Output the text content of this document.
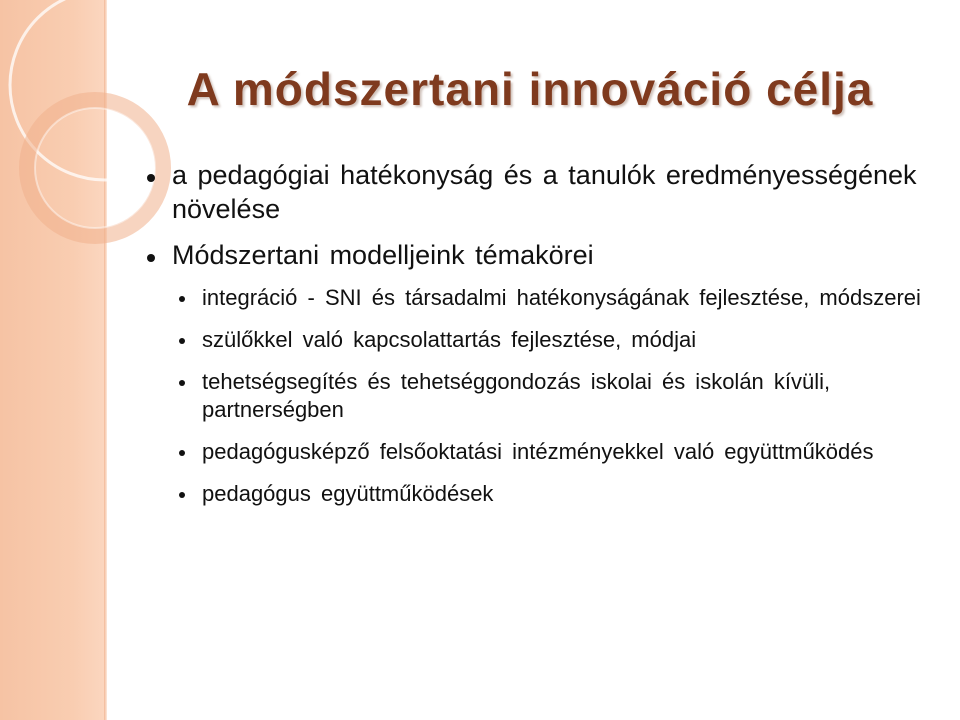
A módszertani innováció célja
a pedagógiai hatékonyság és a tanulók eredményességének növelése
Módszertani modelljeink témakörei
integráció - SNI és társadalmi hatékonyságának fejlesztése, módszerei
szülőkkel való kapcsolattartás fejlesztése, módjai
tehetségsegítés és tehetséggondozás iskolai és iskolán kívüli, partnerségben
pedagógusképző felsőoktatási intézményekkel való együttműködés
pedagógus együttműködések
